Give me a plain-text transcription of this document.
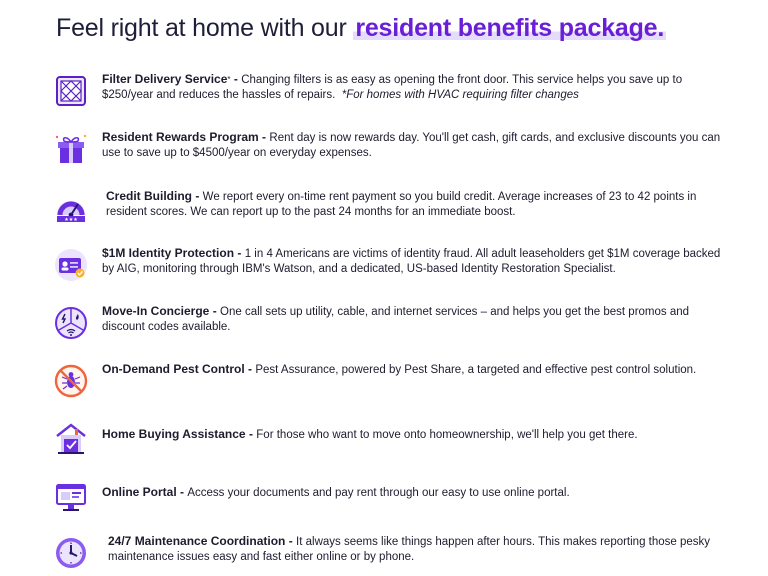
Feel right at home with our resident benefits package.
Filter Delivery Service* - Changing filters is as easy as opening the front door. This service helps you save up to $250/year and reduces the hassles of repairs. *For homes with HVAC requiring filter changes
Resident Rewards Program - Rent day is now rewards day. You'll get cash, gift cards, and exclusive discounts you can use to save up to $4500/year on everyday expenses.
★★★
Credit Building - We report every on-time rent payment so you build credit. Average increases of 23 to 42 points in resident scores. We can report up to the past 24 months for an immediate boost.
$1M Identity Protection - 1 in 4 Americans are victims of identity fraud. All adult leaseholders get $1M coverage backed by AIG, monitoring through IBM's Watson, and a dedicated, US-based Identity Restoration Specialist.
Move-In Concierge - One call sets up utility, cable, and internet services – and helps you get the best promos and discount codes available.
On-Demand Pest Control - Pest Assurance, powered by Pest Share, a targeted and effective pest control solution.
Home Buying Assistance - For those who want to move onto homeownership, we'll help you get there.
Online Portal - Access your documents and pay rent through our easy to use online portal.
24/7 Maintenance Coordination - It always seems like things happen after hours. This makes reporting those pesky maintenance issues easy and fast either online or by phone.
